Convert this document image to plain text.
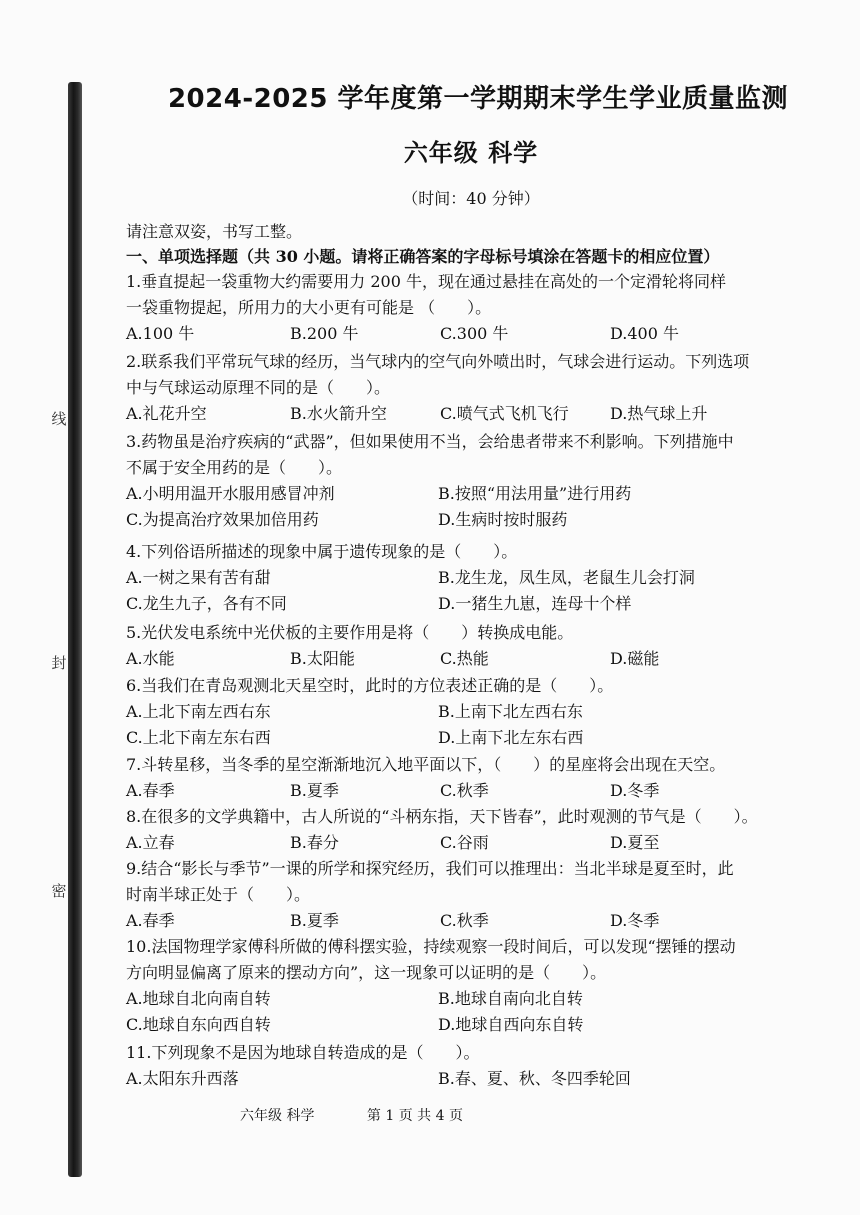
线
封
密
2024-2025 学年度第一学期期末学生学业质量监测
六年级 科学
（时间：40 分钟）
请注意双姿，书写工整。
一、单项选择题（共 30 小题。请将正确答案的字母标号填涂在答题卡的相应位置）
1.垂直提起一袋重物大约需要用力 200 牛，现在通过悬挂在高处的一个定滑轮将同样
一袋重物提起，所用力的大小更有可能是 （　　）。
A.100 牛	B.200 牛	C.300 牛	D.400 牛
2.联系我们平常玩气球的经历，当气球内的空气向外喷出时，气球会进行运动。下列选项
中与气球运动原理不同的是（　　）。
A.礼花升空	B.水火箭升空	C.喷气式飞机飞行	D.热气球上升
3.药物虽是治疗疾病的“武器”，但如果使用不当，会给患者带来不利影响。下列措施中
不属于安全用药的是（　　）。
A.小明用温开水服用感冒冲剂	B.按照“用法用量”进行用药
C.为提高治疗效果加倍用药	D.生病时按时服药
4.下列俗语所描述的现象中属于遗传现象的是（　　）。
A.一树之果有苦有甜	B.龙生龙，凤生凤，老鼠生儿会打洞
C.龙生九子，各有不同	D.一猪生九崽，连母十个样
5.光伏发电系统中光伏板的主要作用是将（　　）转换成电能。
A.水能	B.太阳能	C.热能	D.磁能
6.当我们在青岛观测北天星空时，此时的方位表述正确的是（　　）。
A.上北下南左西右东	B.上南下北左西右东
C.上北下南左东右西	D.上南下北左东右西
7.斗转星移，当冬季的星空渐渐地沉入地平面以下，（　　）的星座将会出现在天空。
A.春季	B.夏季	C.秋季	D.冬季
8.在很多的文学典籍中，古人所说的“斗柄东指，天下皆春”，此时观测的节气是（　　）。
A.立春	B.春分	C.谷雨	D.夏至
9.结合“影长与季节”一课的所学和探究经历，我们可以推理出：当北半球是夏至时，此
时南半球正处于（　　）。
A.春季	B.夏季	C.秋季	D.冬季
10.法国物理学家傅科所做的傅科摆实验，持续观察一段时间后，可以发现“摆锤的摆动
方向明显偏离了原来的摆动方向”，这一现象可以证明的是（　　）。
A.地球自北向南自转	B.地球自南向北自转
C.地球自东向西自转	D.地球自西向东自转
11.下列现象不是因为地球自转造成的是（　　）。
A.太阳东升西落	B.春、夏、秋、冬四季轮回
六年级 科学	第 1 页 共 4 页
